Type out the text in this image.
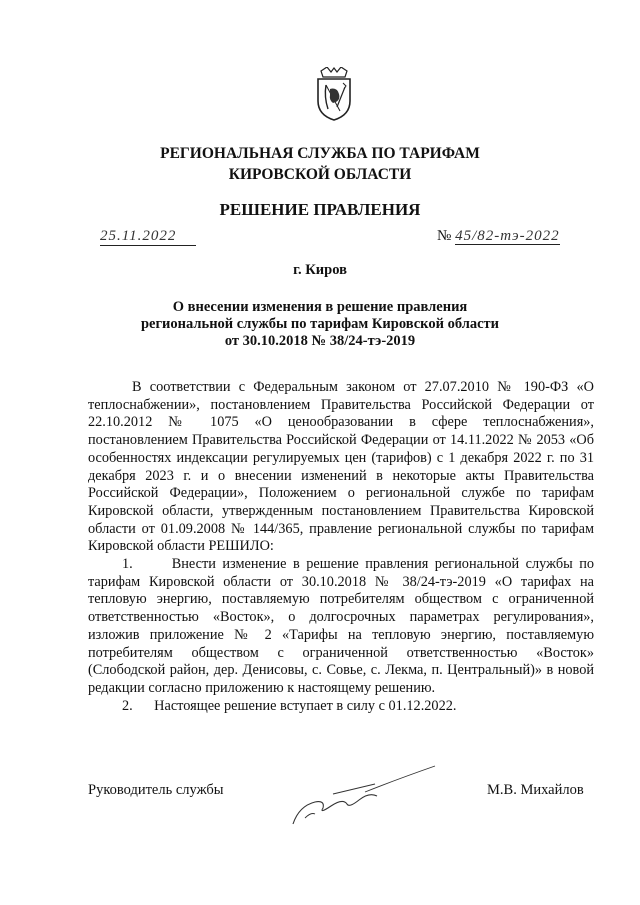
РЕГИОНАЛЬНАЯ СЛУЖБА ПО ТАРИФАМ
КИРОВСКОЙ ОБЛАСТИ
РЕШЕНИЕ ПРАВЛЕНИЯ
25.11.2022	№ 45/82-тэ-2022
г. Киров
О внесении изменения в решение правления
региональной службы по тарифам Кировской области
от 30.10.2018 № 38/24-тэ-2019

В соответствии с Федеральным законом от 27.07.2010 № 190-ФЗ «О теплоснабжении», постановлением Правительства Российской Федерации от 22.10.2012 № 1075 «О ценообразовании в сфере теплоснабжения», постановлением Правительства Российской Федерации от 14.11.2022 № 2053 «Об особенностях индексации регулируемых цен (тарифов) с 1 декабря 2022 г. по 31 декабря 2023 г. и о внесении изменений в некоторые акты Правительства Российской Федерации», Положением о региональной службе по тарифам Кировской области, утвержденным постановлением Правительства Кировской области от 01.09.2008 № 144/365, правление региональной службы по тарифам Кировской области РЕШИЛО:

1.      Внести изменение в решение правления региональной службы по тарифам Кировской области от 30.10.2018 № 38/24-тэ-2019 «О тарифах на тепловую энергию, поставляемую потребителям обществом с ограниченной ответственностью «Восток», о долгосрочных параметрах регулирования», изложив приложение № 2 «Тарифы на тепловую энергию, поставляемую потребителям обществом с ограниченной ответственностью «Восток» (Слободской район, дер. Денисовы, с. Совье, с. Лекма, п. Центральный)» в новой редакции согласно приложению к настоящему решению.

2.      Настоящее решение вступает в силу с 01.12.2022.

Руководитель службы	М.В. Михайлов
